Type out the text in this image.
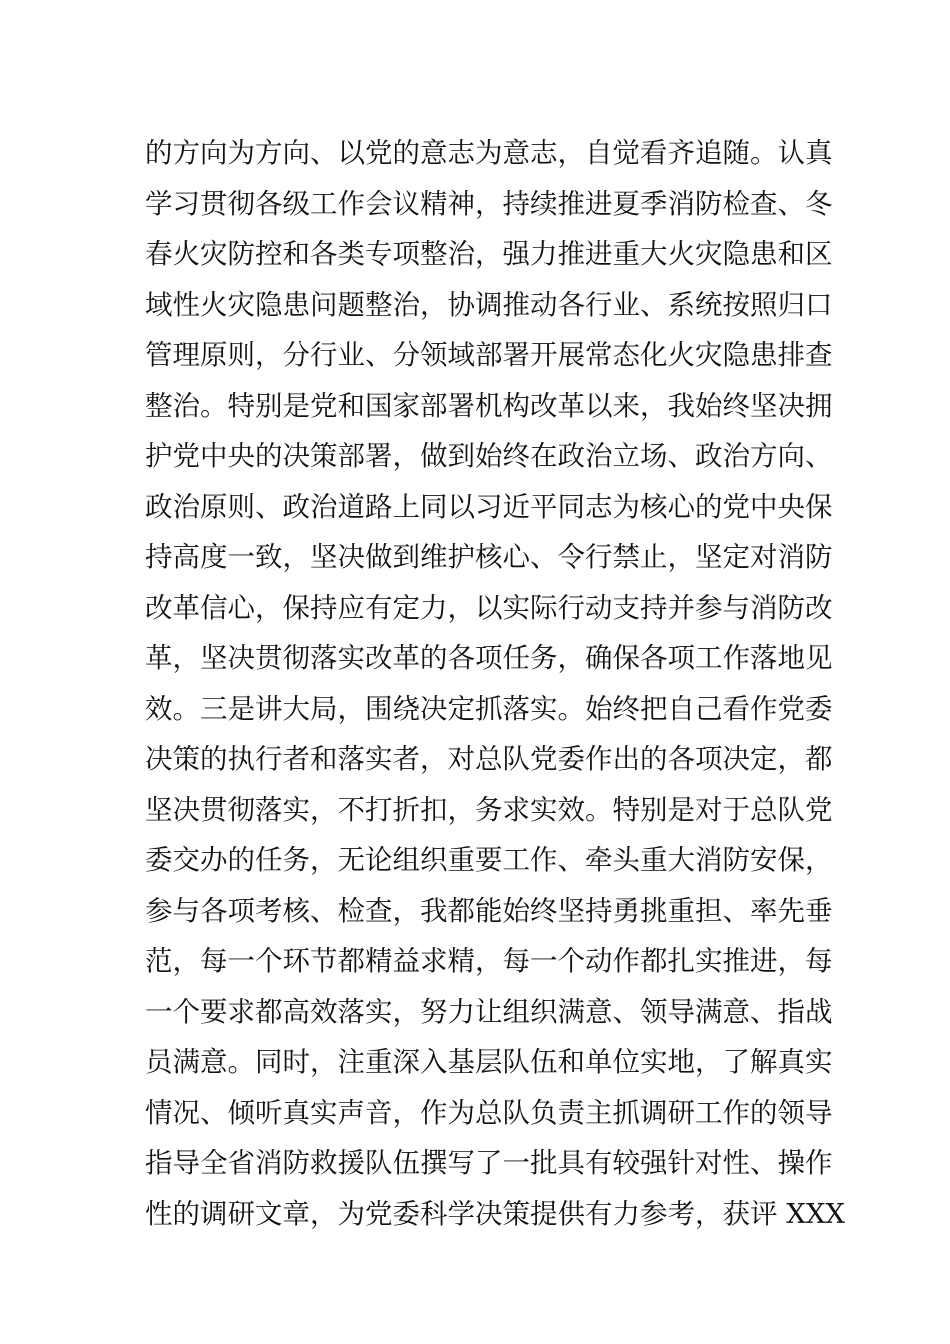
的方向为方向、以党的意志为意志，自觉看齐追随。认真
学习贯彻各级工作会议精神，持续推进夏季消防检查、冬
春火灾防控和各类专项整治，强力推进重大火灾隐患和区
域性火灾隐患问题整治，协调推动各行业、系统按照归口
管理原则，分行业、分领域部署开展常态化火灾隐患排查
整治。特别是党和国家部署机构改革以来，我始终坚决拥
护党中央的决策部署，做到始终在政治立场、政治方向、
政治原则、政治道路上同以习近平同志为核心的党中央保
持高度一致，坚决做到维护核心、令行禁止，坚定对消防
改革信心，保持应有定力，以实际行动支持并参与消防改
革，坚决贯彻落实改革的各项任务，确保各项工作落地见
效。三是讲大局，围绕决定抓落实。始终把自己看作党委
决策的执行者和落实者，对总队党委作出的各项决定，都
坚决贯彻落实，不打折扣，务求实效。特别是对于总队党
委交办的任务，无论组织重要工作、牵头重大消防安保，
参与各项考核、检查，我都能始终坚持勇挑重担、率先垂
范，每一个环节都精益求精，每一个动作都扎实推进，每
一个要求都高效落实，努力让组织满意、领导满意、指战
员满意。同时，注重深入基层队伍和单位实地，了解真实
情况、倾听真实声音，作为总队负责主抓调研工作的领导
指导全省消防救援队伍撰写了一批具有较强针对性、操作
性的调研文章，为党委科学决策提供有力参考，获评 XXX
